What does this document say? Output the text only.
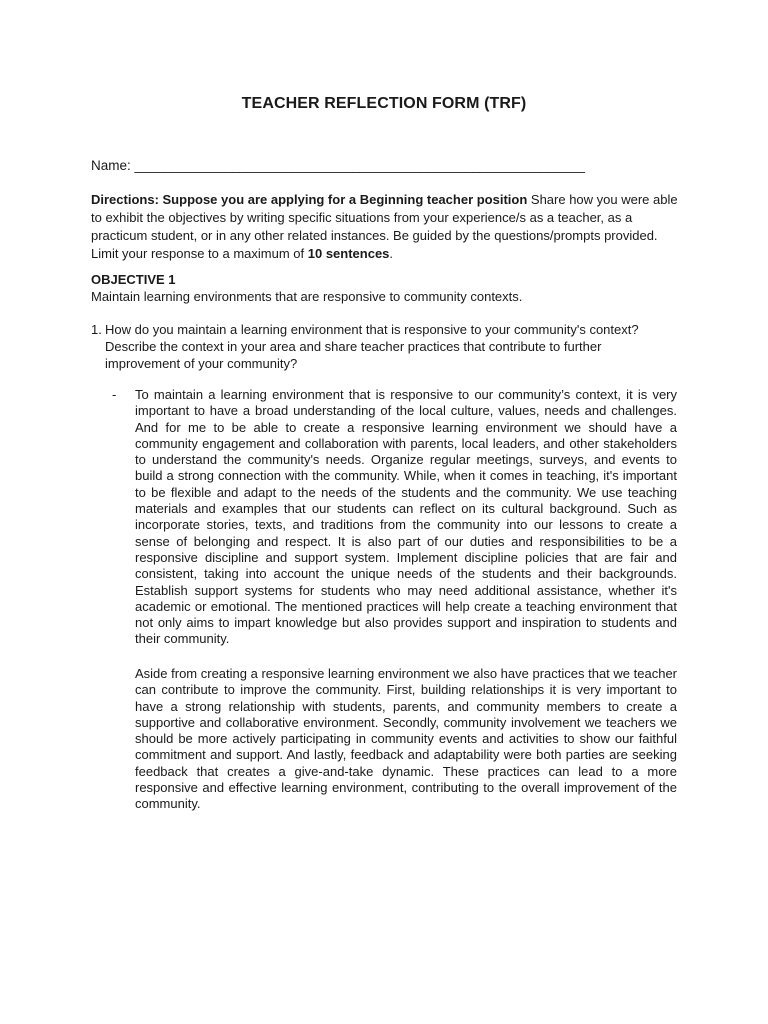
TEACHER REFLECTION FORM (TRF)
Name: ____________________________________________________________
Directions: Suppose you are applying for a Beginning teacher position Share how you were able to exhibit the objectives by writing specific situations from your experience/s as a teacher, as a practicum student, or in any other related instances. Be guided by the questions/prompts provided. Limit your response to a maximum of 10 sentences.
OBJECTIVE 1
Maintain learning environments that are responsive to community contexts.
1. How do you maintain a learning environment that is responsive to your community's context? Describe the context in your area and share teacher practices that contribute to further improvement of your community?
- To maintain a learning environment that is responsive to our community’s context, it is very important to have a broad understanding of the local culture, values, needs and challenges. And for me to be able to create a responsive learning environment we should have a community engagement and collaboration with parents, local leaders, and other stakeholders to understand the community's needs. Organize regular meetings, surveys, and events to build a strong connection with the community. While, when it comes in teaching, it's important to be flexible and adapt to the needs of the students and the community. We use teaching materials and examples that our students can reflect on its cultural background. Such as incorporate stories, texts, and traditions from the community into our lessons to create a sense of belonging and respect. It is also part of our duties and responsibilities to be a responsive discipline and support system. Implement discipline policies that are fair and consistent, taking into account the unique needs of the students and their backgrounds. Establish support systems for students who may need additional assistance, whether it's academic or emotional. The mentioned practices will help create a teaching environment that not only aims to impart knowledge but also provides support and inspiration to students and their community.
Aside from creating a responsive learning environment we also have practices that we teacher can contribute to improve the community. First, building relationships it is very important to have a strong relationship with students, parents, and community members to create a supportive and collaborative environment. Secondly, community involvement we teachers we should be more actively participating in community events and activities to show our faithful commitment and support. And lastly, feedback and adaptability were both parties are seeking feedback that creates a give-and-take dynamic. These practices can lead to a more responsive and effective learning environment, contributing to the overall improvement of the community.
